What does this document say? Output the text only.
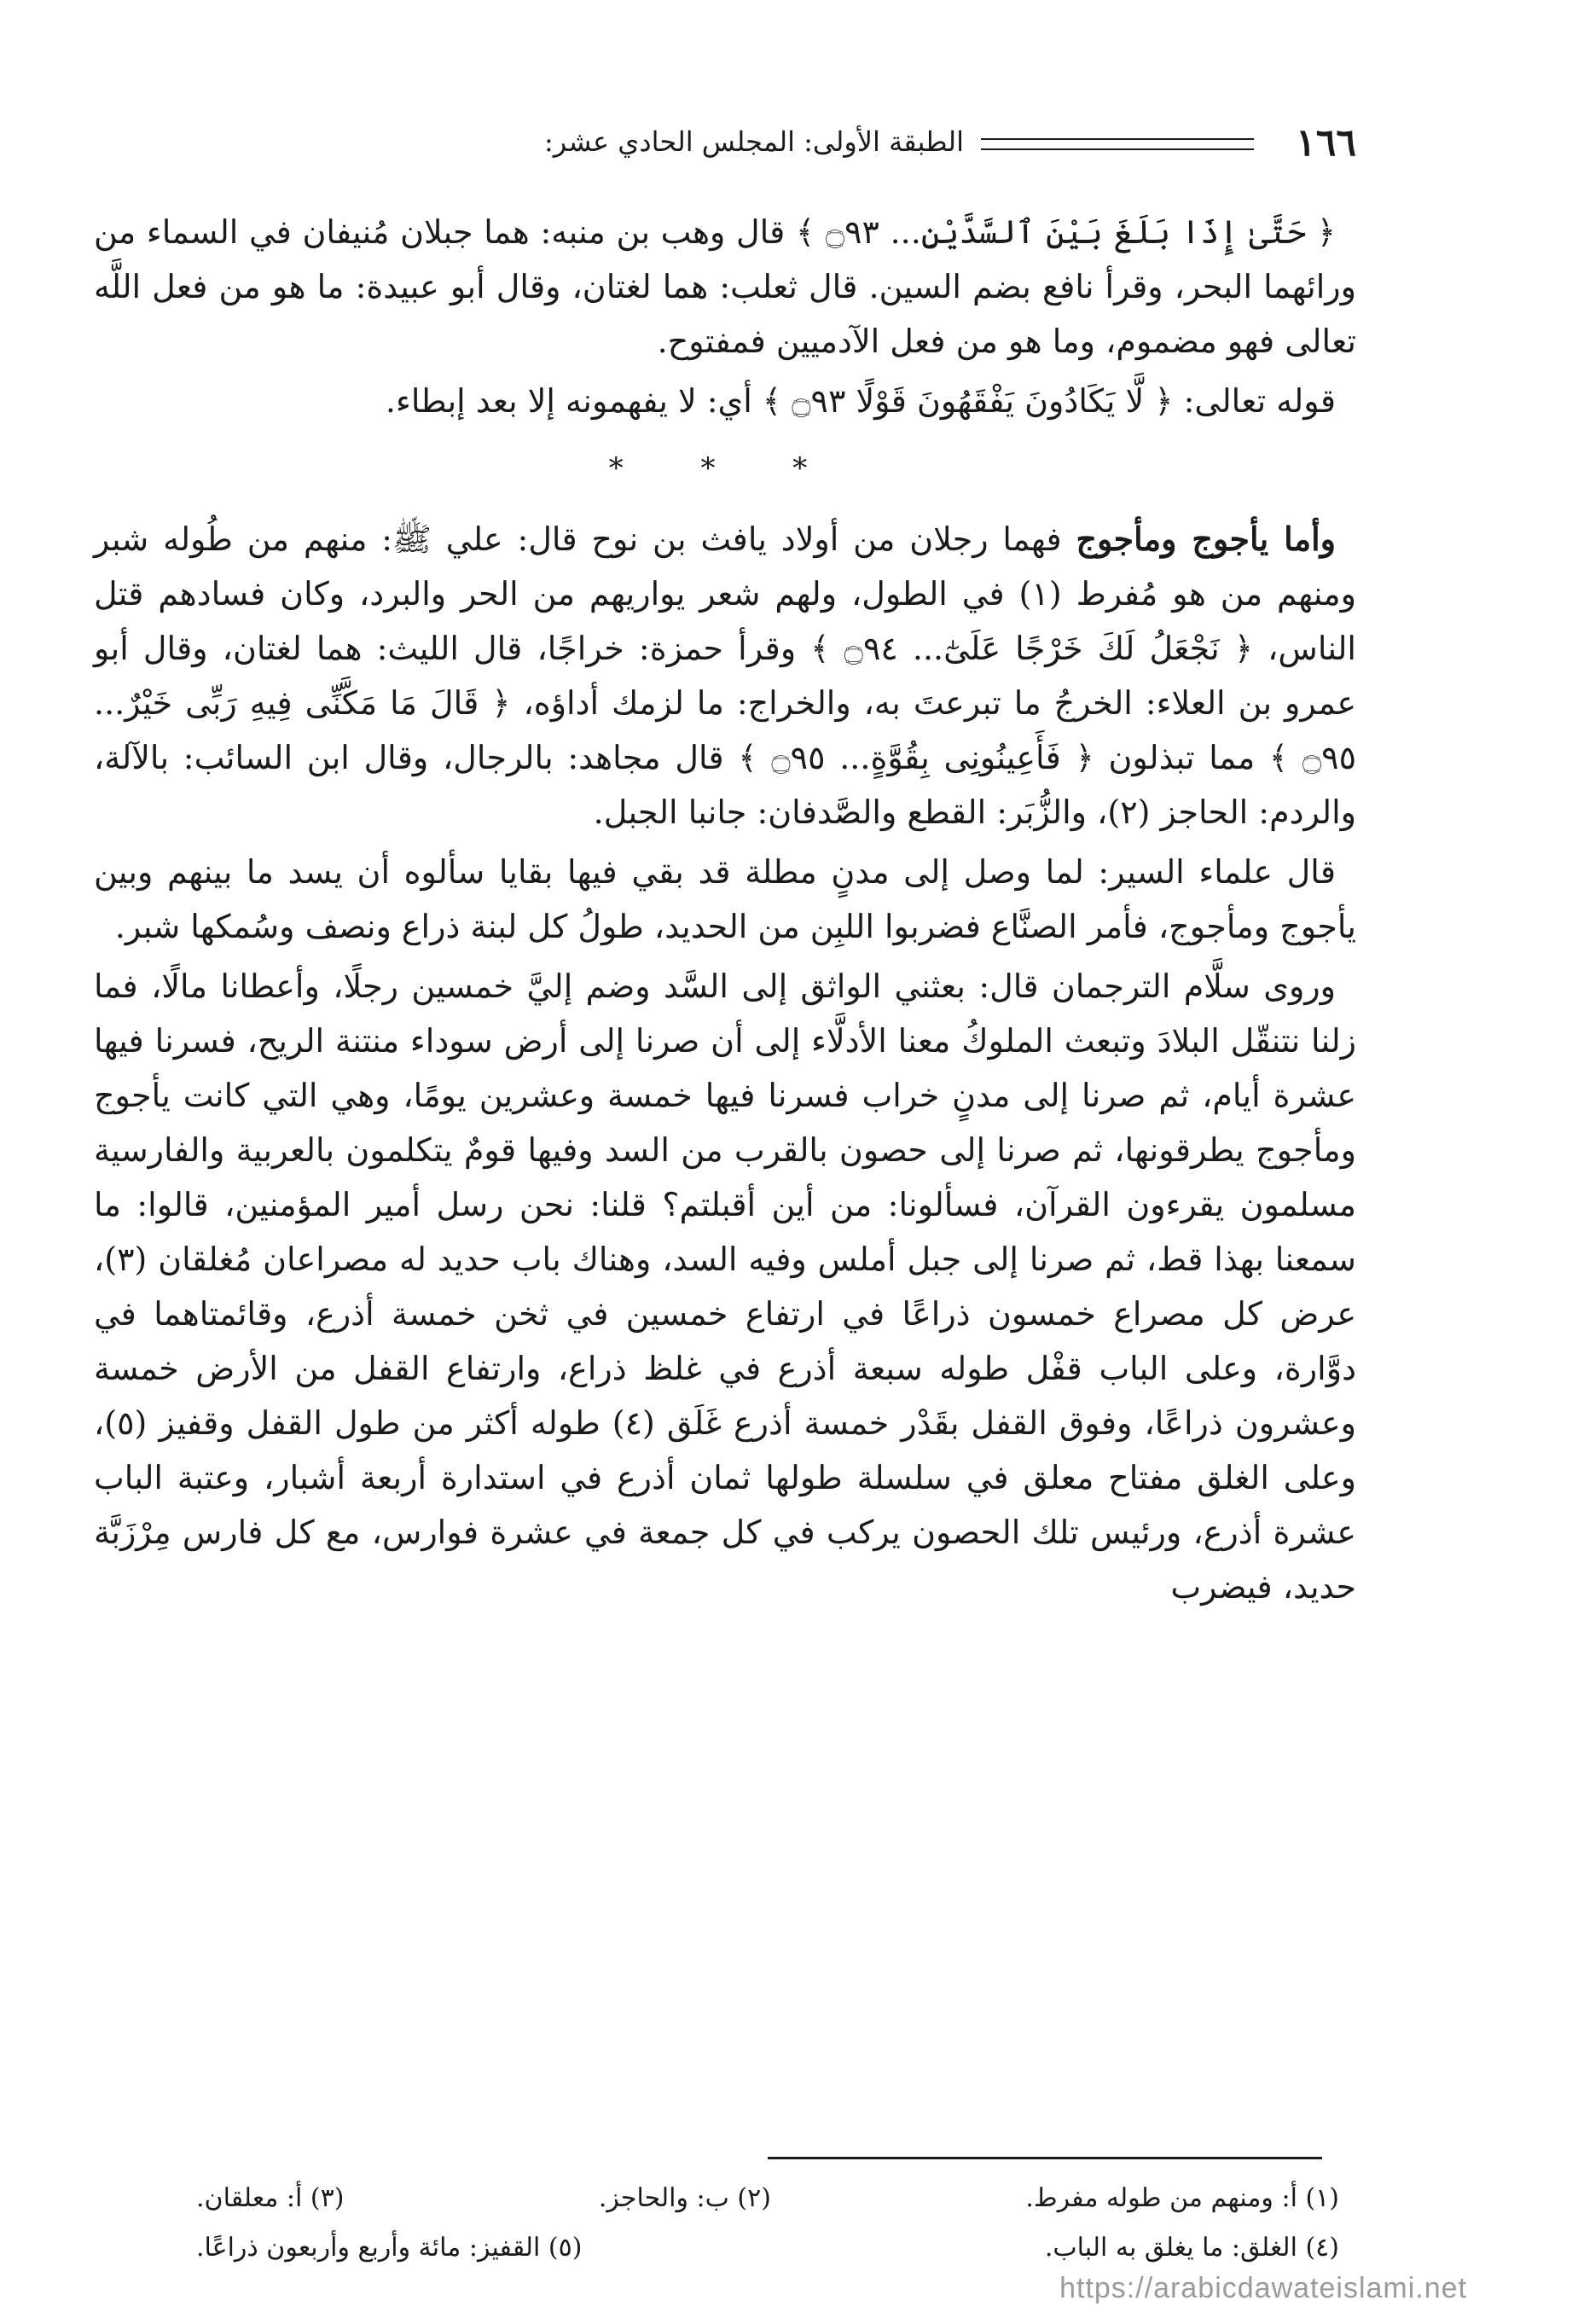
١٦٦
الطبقة الأولى: المجلس الحادي عشر:

﴿ حَتَّىٰ إِذَا بَلَغَ بَيْنَ ٱلسَّدَّيْنِ... ۝٩٣ ﴾ قال وهب بن منبه: هما جبلان مُنيفان في السماء من ورائهما البحر، وقرأ نافع بضم السين. قال ثعلب: هما لغتان، وقال أبو عبيدة: ما هو من فعل اللَّه تعالى فهو مضموم، وما هو من فعل الآدميين فمفتوح.

قوله تعالى: ﴿ لَّا يَكَادُونَ يَفْقَهُونَ قَوْلًا ۝٩٣ ﴾ أي: لا يفهمونه إلا بعد إبطاء.

* * *

وأما يأجوج ومأجوج فهما رجلان من أولاد يافث بن نوح قال: علي ﷺ: منهم من طُوله شبر ومنهم من هو مُفرط (١) في الطول، ولهم شعر يواريهم من الحر والبرد، وكان فسادهم قتل الناس، ﴿ نَجْعَلُ لَكَ خَرْجًا عَلَىٰٓ... ۝٩٤ ﴾ وقرأ حمزة: خراجًا، قال الليث: هما لغتان، وقال أبو عمرو بن العلاء: الخرجُ ما تبرعتَ به، والخراج: ما لزمك أداؤه، ﴿ قَالَ مَا مَكَّنِّى فِيهِ رَبِّى خَيْرٌ... ۝٩٥ ﴾ مما تبذلون ﴿ فَأَعِينُونِى بِقُوَّةٍ... ۝٩٥ ﴾ قال مجاهد: بالرجال، وقال ابن السائب: بالآلة، والردم: الحاجز (٢)، والزُّبَر: القطع والصَّدفان: جانبا الجبل.

قال علماء السير: لما وصل إلى مدنٍ مطلة قد بقي فيها بقايا سألوه أن يسد ما بينهم وبين يأجوج ومأجوج، فأمر الصنَّاع فضربوا اللبِن من الحديد، طولُ كل لبنة ذراع ونصف وسُمكها شبر.

وروى سلَّام الترجمان قال: بعثني الواثق إلى السَّد وضم إليَّ خمسين رجلًا، وأعطانا مالًا، فما زلنا نتنقّل البلادَ وتبعث الملوكُ معنا الأدلَّاء إلى أن صرنا إلى أرض سوداء منتنة الريح، فسرنا فيها عشرة أيام، ثم صرنا إلى مدنٍ خراب فسرنا فيها خمسة وعشرين يومًا، وهي التي كانت يأجوج ومأجوج يطرقونها، ثم صرنا إلى حصون بالقرب من السد وفيها قومٌ يتكلمون بالعربية والفارسية مسلمون يقرءون القرآن، فسألونا: من أين أقبلتم؟ قلنا: نحن رسل أمير المؤمنين، قالوا: ما سمعنا بهذا قط، ثم صرنا إلى جبل أملس وفيه السد، وهناك باب حديد له مصراعان مُغلقان (٣)، عرض كل مصراع خمسون ذراعًا في ارتفاع خمسين في ثخن خمسة أذرع، وقائمتاهما في دوَّارة، وعلى الباب قفْل طوله سبعة أذرع في غلظ ذراع، وارتفاع القفل من الأرض خمسة وعشرون ذراعًا، وفوق القفل بقَدْر خمسة أذرع غَلَق (٤) طوله أكثر من طول القفل وقفيز (٥)، وعلى الغلق مفتاح معلق في سلسلة طولها ثمان أذرع في استدارة أربعة أشبار، وعتبة الباب عشرة أذرع، ورئيس تلك الحصون يركب في كل جمعة في عشرة فوارس، مع كل فارس مِرْزَبَّة حديد، فيضرب

(١) أ: ومنهم من طوله مفرط.
(٢) ب: والحاجز.
(٣) أ: معلقان.
(٤) الغلق: ما يغلق به الباب.
(٥) القفيز: مائة وأربع وأربعون ذراعًا.
https://arabicdawateislami.net
